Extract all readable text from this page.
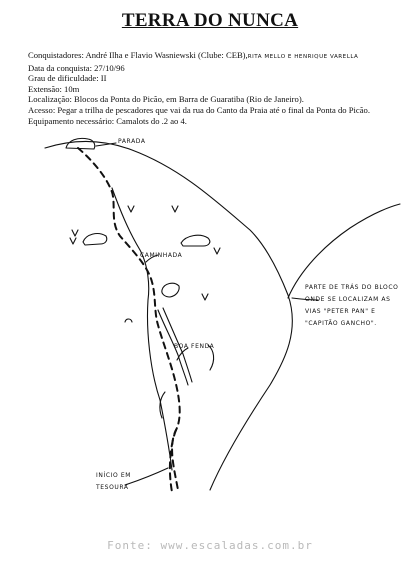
TERRA DO NUNCA
Conquistadores: André Ilha e Flavio Wasniewski (Clube: CEB),RITA MELLO E HENRIQUE VARELLA
Data da conquista: 27/10/96
Grau de dificuldade: II
Extensão: 10m
Localização: Blocos da Ponta do Picão, em Barra de Guaratiba (Rio de Janeiro).
Acesso: Pegar a trilha de pescadores que vai da rua do Canto da Praia até o final da Ponta do Picão.
Equipamento necessário: Camalots do .2 ao 4.
PARADA
CAMINHADA
BOA FENDA
INÍCIO EM TESOURA
PARTE DE TRÁS DO BLOCO ONDE SE LOCALIZAM AS VIAS "PETER PAN" E "CAPITÃO GANCHO".
Fonte: www.escaladas.com.br
